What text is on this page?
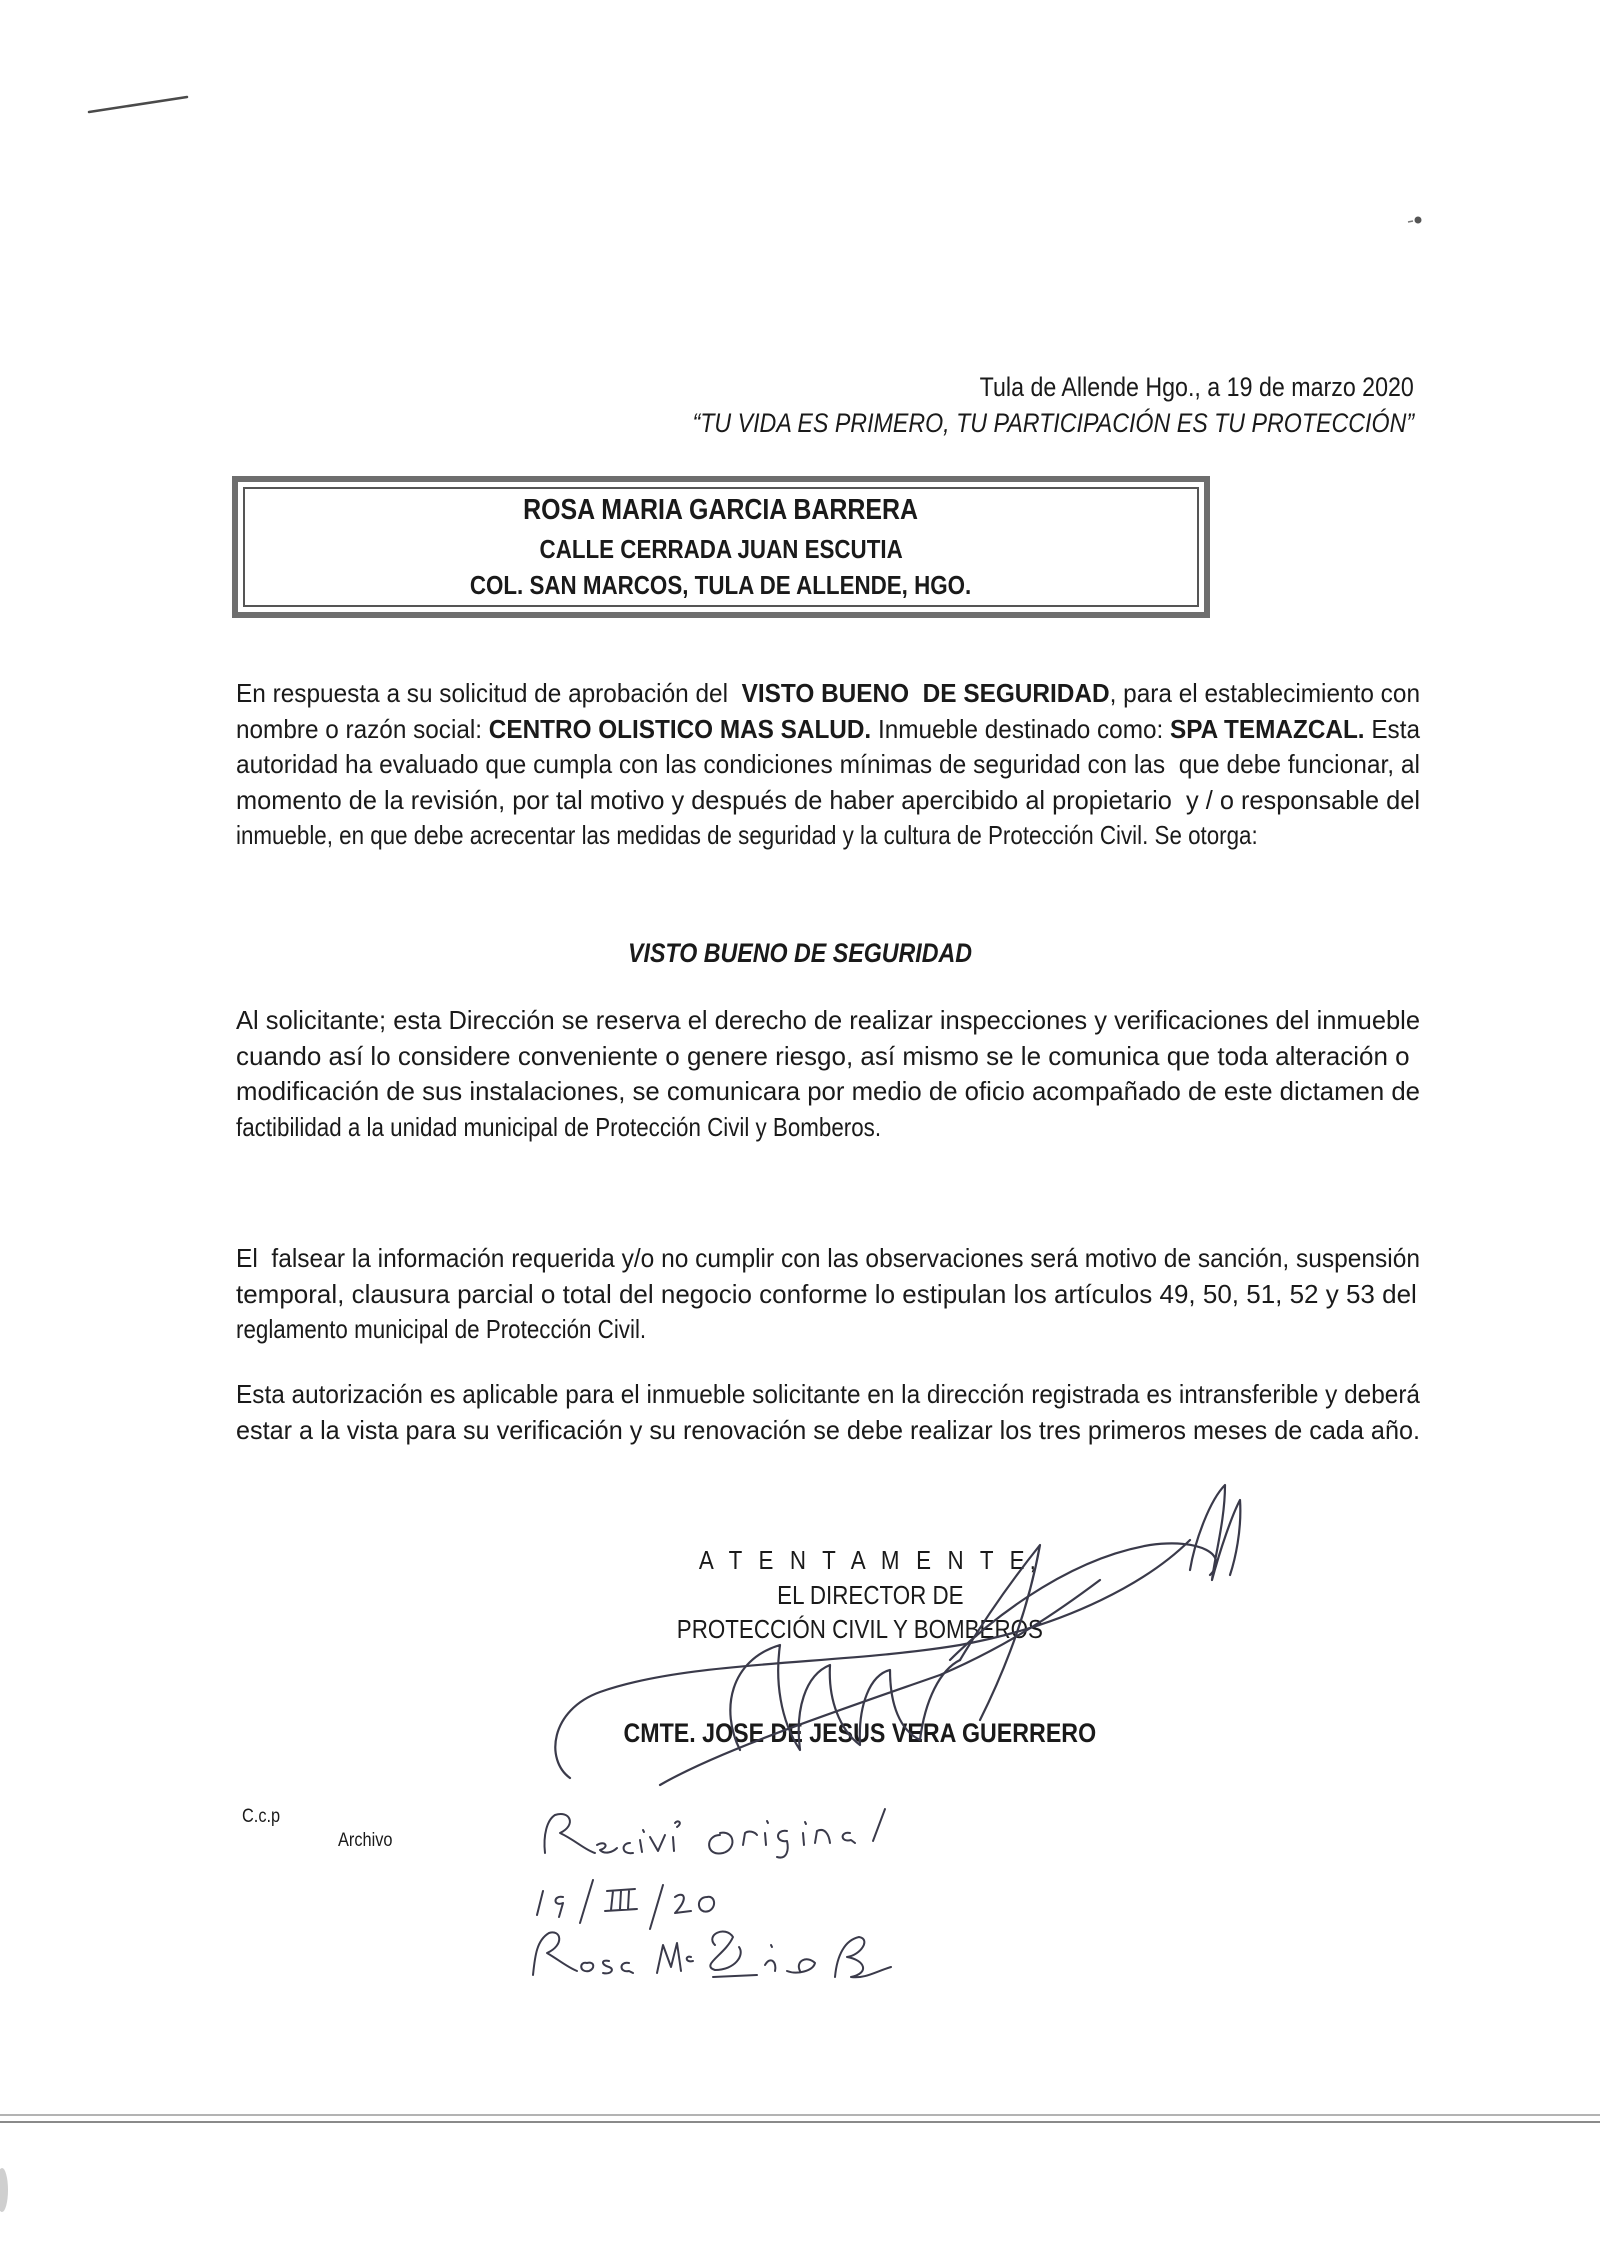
Tula de Allende Hgo., a 19 de marzo 2020
“TU VIDA ES PRIMERO, TU PARTICIPACIÓN ES TU PROTECCIÓN”
ROSA MARIA GARCIA BARRERA
CALLE CERRADA JUAN ESCUTIA
COL. SAN MARCOS, TULA DE ALLENDE, HGO.
En respuesta a su solicitud de aprobación del  VISTO BUENO  DE SEGURIDAD, para el establecimiento con
nombre o razón social: CENTRO OLISTICO MAS SALUD. Inmueble destinado como: SPA TEMAZCAL. Esta
autoridad ha evaluado que cumpla con las condiciones mínimas de seguridad con las  que debe funcionar, al
momento de la revisión, por tal motivo y después de haber apercibido al propietario  y / o responsable del
inmueble, en que debe acrecentar las medidas de seguridad y la cultura de Protección Civil. Se otorga:
VISTO BUENO DE SEGURIDAD
Al solicitante; esta Dirección se reserva el derecho de realizar inspecciones y verificaciones del inmueble
cuando así lo considere conveniente o genere riesgo, así mismo se le comunica que toda alteración o
modificación de sus instalaciones, se comunicara por medio de oficio acompañado de este dictamen de
factibilidad a la unidad municipal de Protección Civil y Bomberos.
El  falsear la información requerida y/o no cumplir con las observaciones será motivo de sanción, suspensión
temporal, clausura parcial o total del negocio conforme lo estipulan los artículos 49, 50, 51, 52 y 53 del
reglamento municipal de Protección Civil.
Esta autorización es aplicable para el inmueble solicitante en la dirección registrada es intransferible y deberá
estar a la vista para su verificación y su renovación se debe realizar los tres primeros meses de cada año.
A T E N T A M E N T E,
EL DIRECTOR DE
PROTECCIÓN CIVIL Y BOMBEROS
CMTE. JOSE DE JESUS VERA GUERRERO
C.c.p
Archivo
